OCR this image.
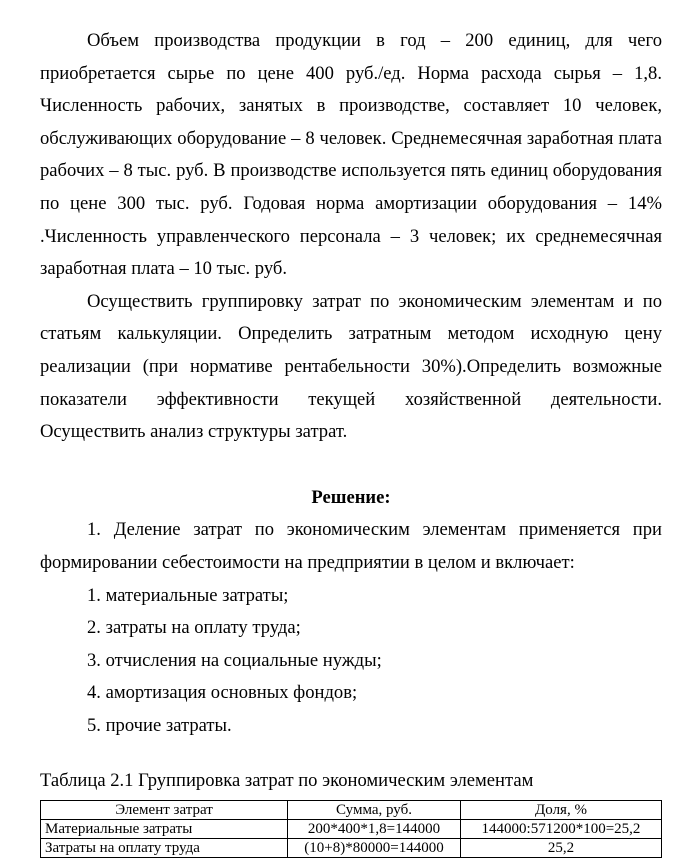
Объем производства продукции в год – 200 единиц, для чего приобретается сырье по цене 400 руб./ед. Норма расхода сырья – 1,8. Численность рабочих, занятых в производстве, составляет 10 человек, обслуживающих оборудование – 8 человек. Среднемесячная заработная плата рабочих – 8 тыс. руб. В производстве используется пять единиц оборудования по цене 300 тыс. руб. Годовая норма амортизации оборудования – 14% .Численность управленческого персонала – 3 человек; их среднемесячная заработная плата – 10 тыс. руб.

Осуществить группировку затрат по экономическим элементам и по статьям калькуляции. Определить затратным методом исходную цену реализации (при нормативе рентабельности 30%).Определить возможные показатели эффективности текущей хозяйственной деятельности. Осуществить анализ структуры затрат.

Решение:

1. Деление затрат по экономическим элементам применяется при формировании себестоимости на предприятии в целом и включает:

1. материальные затраты;
2. затраты на оплату труда;
3. отчисления на социальные нужды;
4. амортизация основных фондов;
5. прочие затраты.

Таблица 2.1 Группировка затрат по экономическим элементам

Элемент затрат	Сумма, руб.	Доля, %
Материальные затраты	200*400*1,8=144000	144000:571200*100=25,2
Затраты на оплату труда	(10+8)*80000=144000	25,2
